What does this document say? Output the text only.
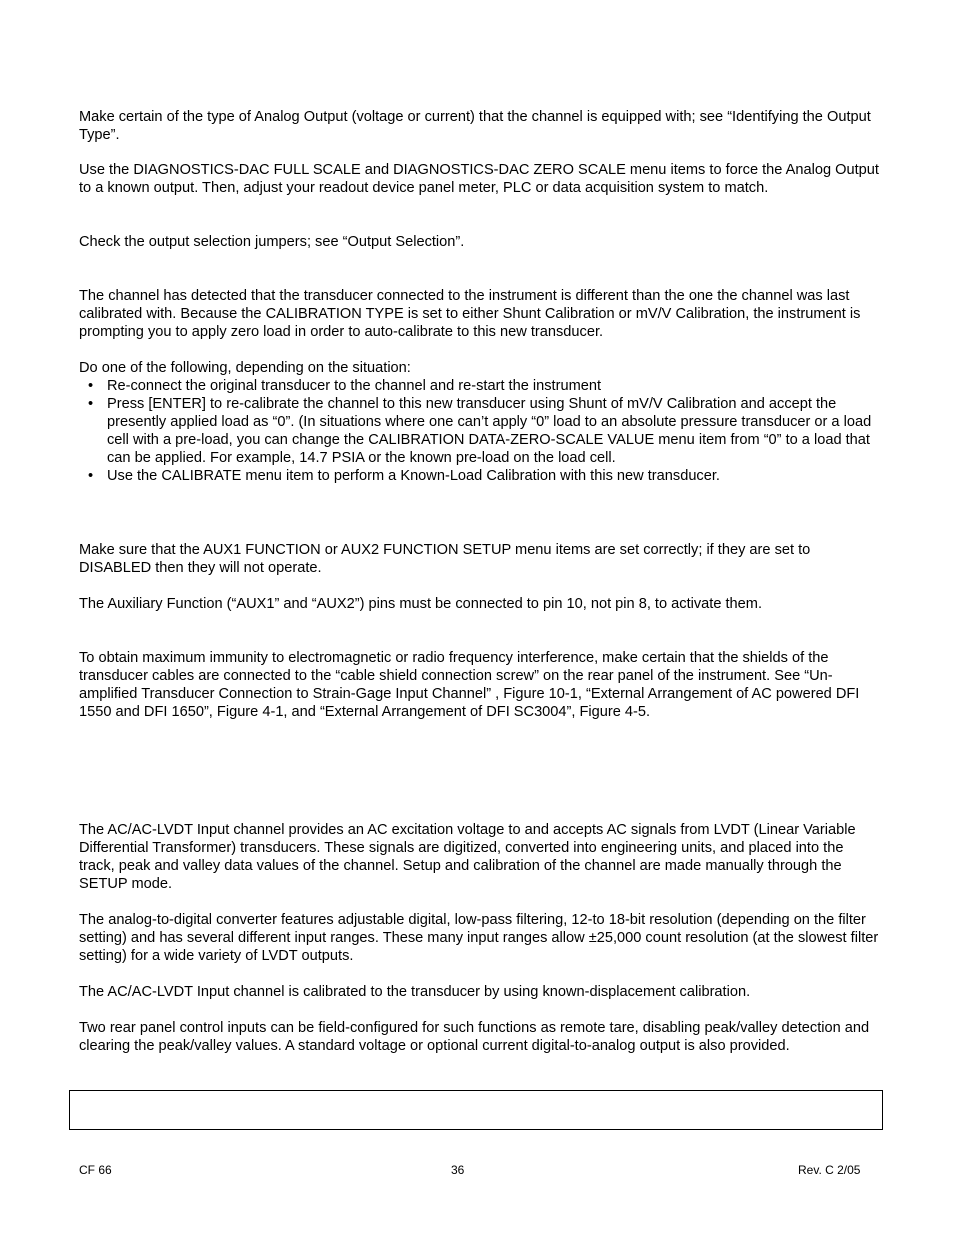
Make certain of the type of Analog Output (voltage or current) that the channel is equipped with; see “Identifying the Output Type”.

Use the DIAGNOSTICS-DAC FULL SCALE and DIAGNOSTICS-DAC ZERO SCALE menu items to force the Analog Output to a known output. Then, adjust your readout device panel meter, PLC or data acquisition system to match.

Check the output selection jumpers; see “Output Selection”.

The channel has detected that the transducer connected to the instrument is different than the one the channel was last calibrated with. Because the CALIBRATION TYPE is set to either Shunt Calibration or mV/V Calibration, the instrument is prompting you to apply zero load in order to auto-calibrate to this new transducer.

Do one of the following, depending on the situation:

• Re-connect the original transducer to the channel and re-start the instrument
• Press [ENTER] to re-calibrate the channel to this new transducer using Shunt of mV/V Calibration and accept the presently applied load as “0”. (In situations where one can’t apply “0” load to an absolute pressure transducer or a load cell with a pre-load, you can change the CALIBRATION DATA-ZERO-SCALE VALUE menu item from “0” to a load that can be applied. For example, 14.7 PSIA or the known pre-load on the load cell.
• Use the CALIBRATE menu item to perform a Known-Load Calibration with this new transducer.

Make sure that the AUX1 FUNCTION or AUX2 FUNCTION SETUP menu items are set correctly; if they are set to DISABLED then they will not operate.

The Auxiliary Function (“AUX1” and “AUX2”) pins must be connected to pin 10, not pin 8, to activate them.

To obtain maximum immunity to electromagnetic or radio frequency interference, make certain that the shields of the transducer cables are connected to the “cable shield connection screw” on the rear panel of the instrument. See “Un-amplified Transducer Connection to Strain-Gage Input Channel” , Figure 10-1, “External Arrangement of AC powered DFI 1550 and DFI 1650”, Figure 4-1, and “External Arrangement of DFI SC3004”, Figure 4-5.

The AC/AC-LVDT Input channel provides an AC excitation voltage to and accepts AC signals from LVDT (Linear Variable Differential Transformer) transducers. These signals are digitized, converted into engineering units, and placed into the track, peak and valley data values of the channel. Setup and calibration of the channel are made manually through the SETUP mode.

The analog-to-digital converter features adjustable digital, low-pass filtering, 12-to 18-bit resolution (depending on the filter setting) and has several different input ranges. These many input ranges allow ±25,000 count resolution (at the slowest filter setting) for a wide variety of LVDT outputs.

The AC/AC-LVDT Input channel is calibrated to the transducer by using known-displacement calibration.

Two rear panel control inputs can be field-configured for such functions as remote tare, disabling peak/valley detection and clearing the peak/valley values. A standard voltage or optional current digital-to-analog output is also provided.

CF 66	36	Rev. C 2/05
